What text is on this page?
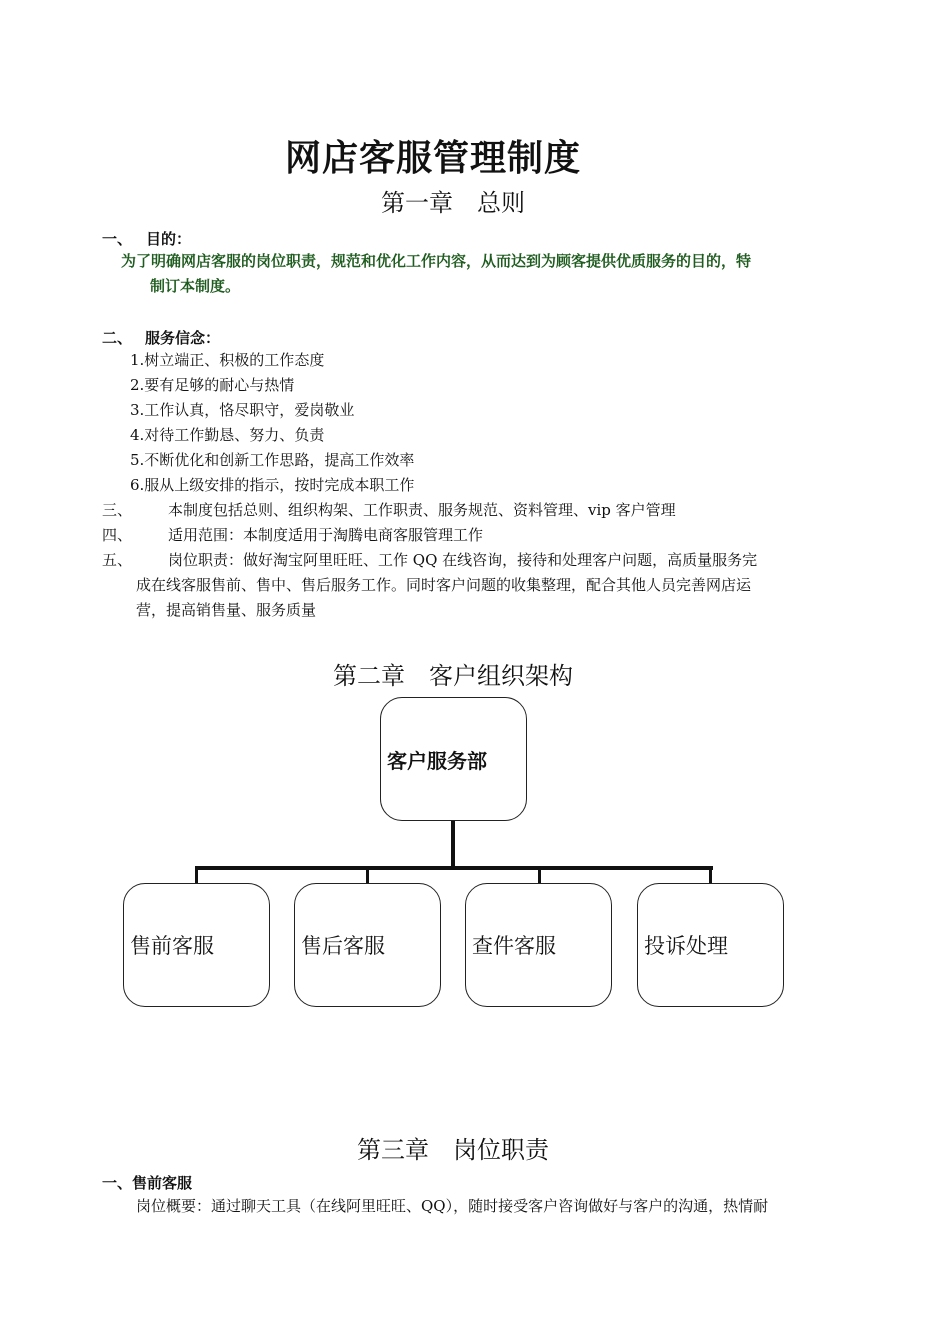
网店客服管理制度
第一章　总则
一、 目的：
为了明确网店客服的岗位职责，规范和优化工作内容，从而达到为顾客提供优质服务的目的，特
制订本制度。
二、 服务信念：
1.树立端正、积极的工作态度
2.要有足够的耐心与热情
3.工作认真，恪尽职守，爱岗敬业
4.对待工作勤恳、努力、负责
5.不断优化和创新工作思路，提高工作效率
6.服从上级安排的指示，按时完成本职工作
三、 本制度包括总则、组织构架、工作职责、服务规范、资料管理、vip 客户管理
四、 适用范围：本制度适用于淘腾电商客服管理工作
五、 岗位职责：做好淘宝阿里旺旺、工作 QQ 在线咨询，接待和处理客户问题，高质量服务完
成在线客服售前、售中、售后服务工作。同时客户问题的收集整理，配合其他人员完善网店运
营，提高销售量、服务质量
第二章　客户组织架构
客户服务部
售前客服	售后客服	查件客服	投诉处理
第三章　岗位职责
一、售前客服
岗位概要：通过聊天工具（在线阿里旺旺、QQ），随时接受客户咨询做好与客户的沟通，热情耐
